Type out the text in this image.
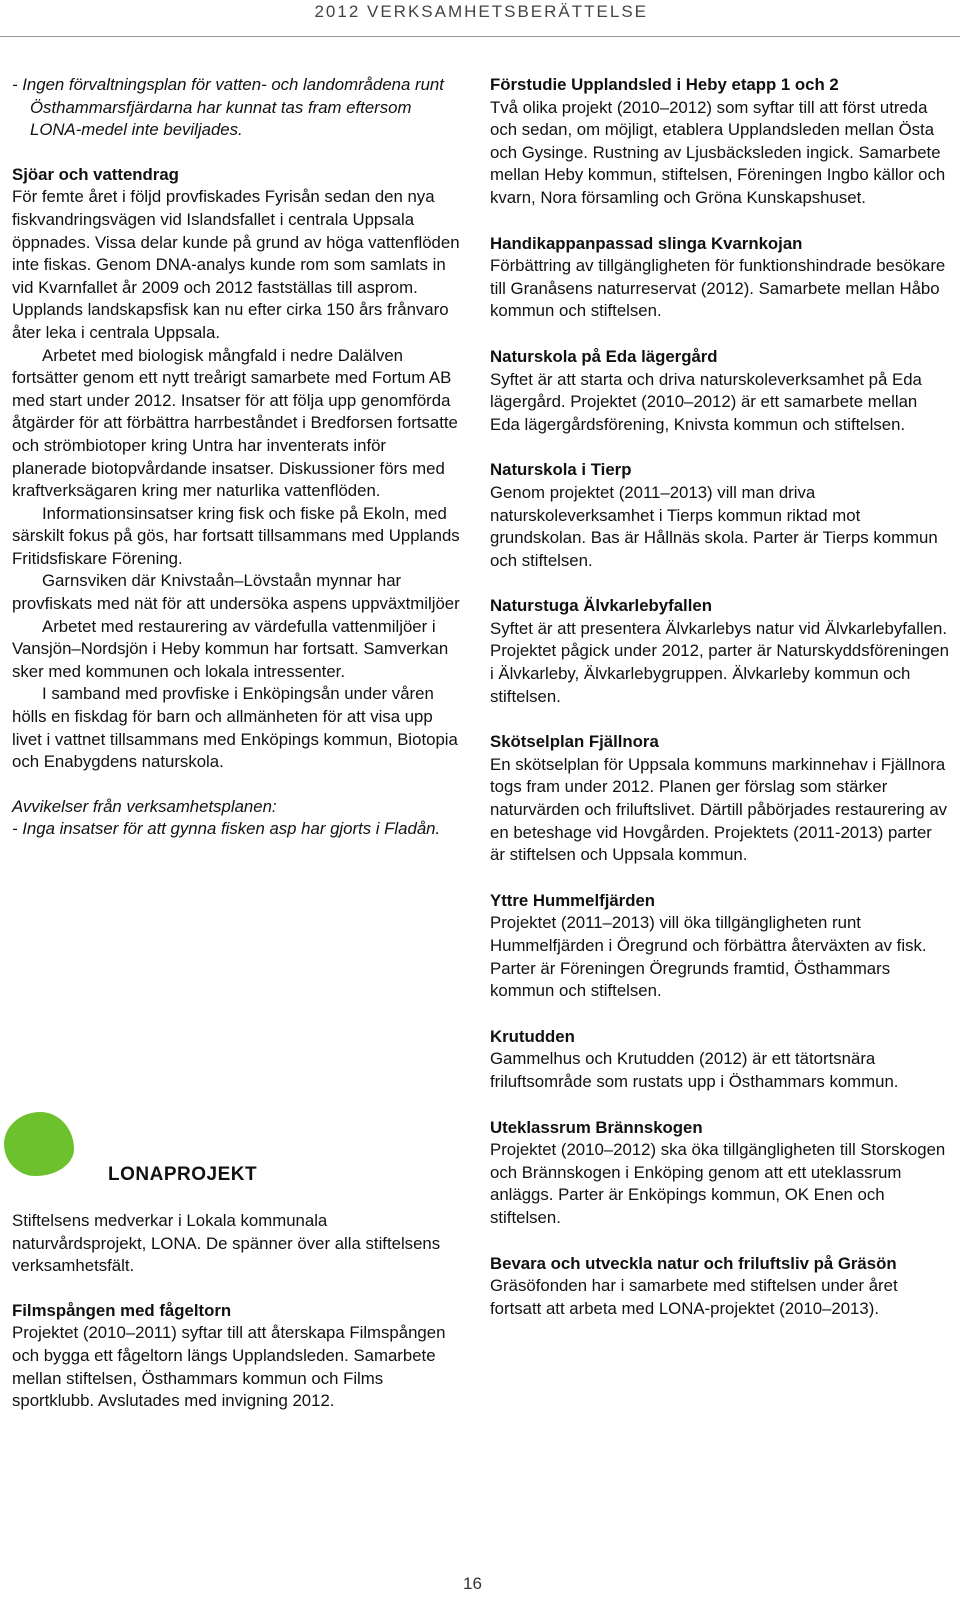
2012 VERKSAMHETSBERÄTTELSE

- Ingen förvaltningsplan för vatten- och landområdena runt Östhammarsfjärdarna har kunnat tas fram eftersom LONA-medel inte beviljades.

Sjöar och vattendrag

För femte året i följd provfiskades Fyrisån sedan den nya fiskvandringsvägen vid Islandsfallet i centrala Uppsala öppnades. Vissa delar kunde på grund av höga vattenflöden inte fiskas. Genom DNA-analys kunde rom som samlats in vid Kvarnfallet år 2009 och 2012 fastställas till asprom. Upplands landskapsfisk kan nu efter cirka 150 års frånvaro åter leka i centrala Uppsala.

Arbetet med biologisk mångfald i nedre Dalälven fortsätter genom ett nytt treårigt samarbete med Fortum AB med start under 2012. Insatser för att följa upp genomförda åtgärder för att förbättra harrbeståndet i Bredforsen fortsatte och strömbiotoper kring Untra har inventerats inför planerade biotopvårdande insatser. Diskussioner förs med kraftverksägaren kring mer naturlika vattenflöden.

Informationsinsatser kring fisk och fiske på Ekoln, med särskilt fokus på gös, har fortsatt tillsammans med Upplands Fritidsfiskare Förening.

Garnsviken där Knivstaån–Lövstaån mynnar har provfiskats med nät för att undersöka aspens uppväxtmiljöer

Arbetet med restaurering av värdefulla vattenmiljöer i Vansjön–Nordsjön i Heby kommun har fortsatt. Samverkan sker med kommunen och lokala intressenter.

I samband med provfiske i Enköpingsån under våren hölls en fiskdag för barn och allmänheten för att visa upp livet i vattnet tillsammans med Enköpings kommun, Biotopia och Enabygdens naturskola.

Avvikelser från verksamhetsplanen:

- Inga insatser för att gynna fisken asp har gjorts i Fladån.

LONAPROJEKT

Stiftelsens medverkar i Lokala kommunala naturvårdsprojekt, LONA. De spänner över alla stiftelsens verksamhetsfält.

Filmspången med fågeltorn

Projektet (2010–2011) syftar till att återskapa Filmspången och bygga ett fågeltorn längs Upplandsleden. Samarbete mellan stiftelsen, Östhammars kommun och Films sportklubb. Avslutades med invigning 2012.

Förstudie Upplandsled i Heby etapp 1 och 2

Två olika projekt (2010–2012) som syftar till att först utreda och sedan, om möjligt, etablera Upplandsleden mellan Östa och Gysinge. Rustning av Ljusbäcksleden ingick. Samarbete mellan Heby kommun, stiftelsen, Föreningen Ingbo källor och kvarn, Nora församling och Gröna Kunskapshuset.

Handikappanpassad slinga Kvarnkojan

Förbättring av tillgängligheten för funktionshindrade besökare till Granåsens naturreservat (2012). Samarbete mellan Håbo kommun och stiftelsen.

Naturskola på Eda lägergård

Syftet är att starta och driva naturskoleverksamhet på Eda lägergård. Projektet (2010–2012) är ett samarbete mellan Eda lägergårdsförening, Knivsta kommun och stiftelsen.

Naturskola i Tierp

Genom projektet (2011–2013) vill man driva naturskoleverksamhet i Tierps kommun riktad mot grundskolan. Bas är Hållnäs skola. Parter är Tierps kommun och stiftelsen.

Naturstuga Älvkarlebyfallen

Syftet är att presentera Älvkarlebys natur vid Älvkarlebyfallen. Projektet pågick under 2012, parter är Naturskyddsföreningen i Älvkarleby, Älvkarlebygruppen. Älvkarleby kommun och stiftelsen.

Skötselplan Fjällnora

En skötselplan för Uppsala kommuns markinnehav i Fjällnora togs fram under 2012. Planen ger förslag som stärker naturvärden och friluftslivet. Därtill påbörjades restaurering av en beteshage vid Hovgården. Projektets (2011-2013) parter är stiftelsen och Uppsala kommun.

Yttre Hummelfjärden

Projektet (2011–2013) vill öka tillgängligheten runt Hummelfjärden i Öregrund och förbättra återväxten av fisk. Parter är Föreningen Öregrunds framtid, Östhammars kommun och stiftelsen.

Krutudden

Gammelhus och Krutudden (2012) är ett tätortsnära friluftsområde som rustats upp i Östhammars kommun.

Uteklassrum Brännskogen

Projektet (2010–2012) ska öka tillgängligheten till Storskogen och Brännskogen i Enköping genom att ett uteklassrum anläggs. Parter är Enköpings kommun, OK Enen och stiftelsen.

Bevara och utveckla natur och friluftsliv på Gräsön

Gräsöfonden har i samarbete med stiftelsen under året fortsatt att arbeta med LONA-projektet (2010–2013).

16
